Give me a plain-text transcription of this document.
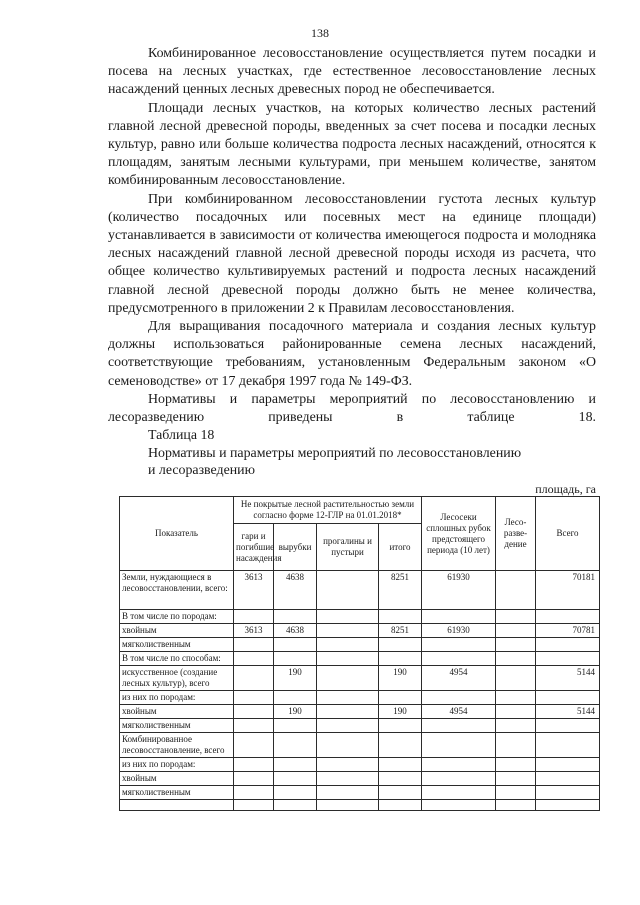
138

Комбинированное лесовосстановление осуществляется путем посадки и посева на лесных участках, где естественное лесовосстановление лесных насаждений ценных лесных древесных пород не обеспечивается.

Площади лесных участков, на которых количество лесных растений главной лесной древесной породы, введенных за счет посева и посадки лесных культур, равно или больше количества подроста лесных насаждений, относятся к площадям, занятым лесными культурами, при меньшем количестве, занятом комбинированным лесовосстановление.

При комбинированном лесовосстановлении густота лесных культур (количество посадочных или посевных мест на единице площади) устанавливается в зависимости от количества имеющегося подроста и молодняка лесных насаждений главной лесной древесной породы исходя из расчета, что общее количество культивируемых растений и подроста лесных насаждений главной лесной древесной породы должно быть не менее количества, предусмотренного в приложении 2 к Правилам лесовосстановления.

Для выращивания посадочного материала и создания лесных культур должны использоваться районированные семена лесных насаждений, соответствующие требованиям, установленным Федеральным законом «О семеноводстве» от 17 декабря 1997 года № 149-ФЗ.

Нормативы и параметры мероприятий по лесовосстановлению и лесоразведению приведены в таблице 18.

Таблица 18

Нормативы и параметры мероприятий по лесовосстановлению

и лесоразведению

площадь, га
Показатель	Не покрытые лесной растительностью земли согласно форме 12-ГЛР на 01.01.2018*				Лесосеки сплошных рубок предстоящего периода (10 лет)	Лесо-разве-дение	Всего
	гари и погибшие насаждения	вырубки	прогалины и пустыри	итого			
Земли, нуждающиеся в лесовосстановлении, всего:	3613	4638		8251	61930		70181
В том числе по породам:							
хвойным	3613	4638		8251	61930		70781
мягколиственным							
В том числе по способам:							
искусственное (создание лесных культур), всего		190		190	4954		5144
из них по породам:							
хвойным		190		190	4954		5144
мягколиственным							
Комбинированное лесовосстановление, всего							
из них по породам:							
хвойным							
мягколиственным							
